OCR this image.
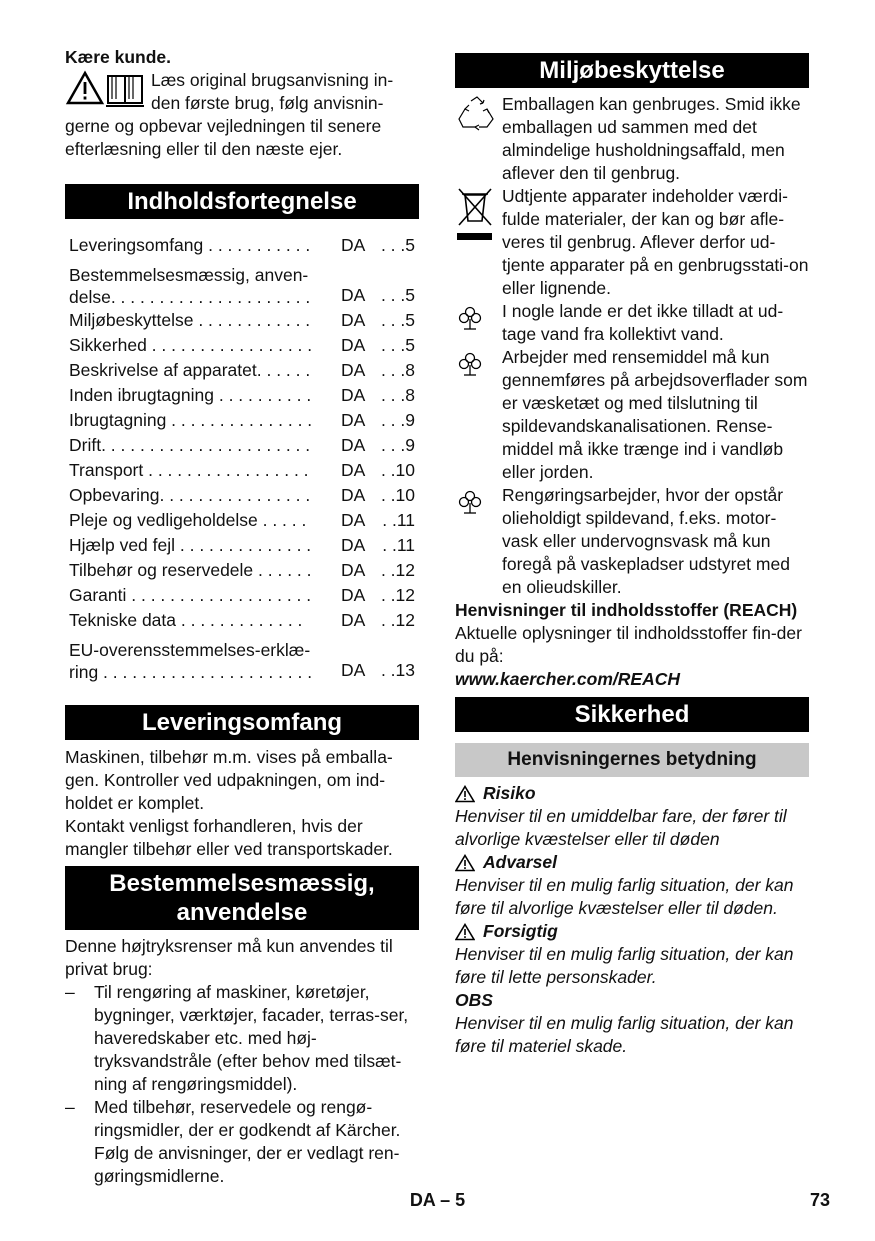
Kære kunde.

Læs original brugsanvisning in-

den første brug, følg anvisnin-

gerne og opbevar vejledningen til senere efterlæsning eller til den næste ejer.

Indholdsfortegnelse
Leveringsomfang . . . . . . . . . . .	DA . . .5
Bestemmelsesmæssig, anven- delse. . . . . . . . . . . . . . . . . . . . .	DA . . .5
Miljøbeskyttelse . . . . . . . . . . . .	DA . . .5
Sikkerhed . . . . . . . . . . . . . . . . .	DA . . .5
Beskrivelse af apparatet. . . . . .	DA . . .8
Inden ibrugtagning . . . . . . . . . .	DA . . .8
Ibrugtagning . . . . . . . . . . . . . . .	DA . . .9
Drift. . . . . . . . . . . . . . . . . . . . . .	DA . . .9
Transport . . . . . . . . . . . . . . . . .	DA . .10
Opbevaring. . . . . . . . . . . . . . . .	DA . .10
Pleje og vedligeholdelse . . . . .	DA . .11
Hjælp ved fejl . . . . . . . . . . . . . .	DA . .11
Tilbehør og reservedele . . . . . .	DA . .12
Garanti . . . . . . . . . . . . . . . . . . .	DA . .12
Tekniske data . . . . . . . . . . . . .	DA . .12
EU-overensstemmelses-erklæ- ring . . . . . . . . . . . . . . . . . . . . . .	DA . .13
Leveringsomfang

Maskinen, tilbehør m.m. vises på emballa-gen. Kontroller ved udpakningen, om ind-holdet er komplet.

Kontakt venligst forhandleren, hvis der mangler tilbehør eller ved transportskader.

Bestemmelsesmæssig, anvendelse

Denne højtryksrenser må kun anvendes til privat brug:

–	Til rengøring af maskiner, køretøjer, bygninger, værktøjer, facader, terras-ser, haveredskaber etc. med høj-tryksvandstråle (efter behov med tilsæt-ning af rengøringsmiddel).
–	Med tilbehør, reservedele og rengø-ringsmidler, der er godkendt af Kärcher. Følg de anvisninger, der er vedlagt ren-gøringsmidlerne.
Miljøbeskyttelse
Emballagen kan genbruges. Smid ikke emballagen ud sammen med det almindelige husholdningsaffald, men aflever den til genbrug.
Udtjente apparater indeholder værdi-fulde materialer, der kan og bør afle-veres til genbrug. Aflever derfor ud-tjente apparater på en genbrugsstati-on eller lignende.
I nogle lande er det ikke tilladt at ud-tage vand fra kollektivt vand.
Arbejder med rensemiddel må kun gennemføres på arbejdsoverflader som er væsketæt og med tilslutning til spildevandskanalisationen. Rense-middel må ikke trænge ind i vandløb eller jorden.
Rengøringsarbejder, hvor der opstår olieholdigt spildevand, f.eks. motor-vask eller undervognsvask må kun foregå på vaskepladser udstyret med en olieudskiller.

Henvisninger til indholdsstoffer (REACH)

Aktuelle oplysninger til indholdsstoffer fin-der du på:

www.kaercher.com/REACH

Sikkerhed
Henvisningernes betydning
Risiko

Henviser til en umiddelbar fare, der fører til alvorlige kvæstelser eller til døden

Advarsel

Henviser til en mulig farlig situation, der kan føre til alvorlige kvæstelser eller til døden.

Forsigtig

Henviser til en mulig farlig situation, der kan føre til lette personskader.

OBS

Henviser til en mulig farlig situation, der kan føre til materiel skade.

DA – 5	73
